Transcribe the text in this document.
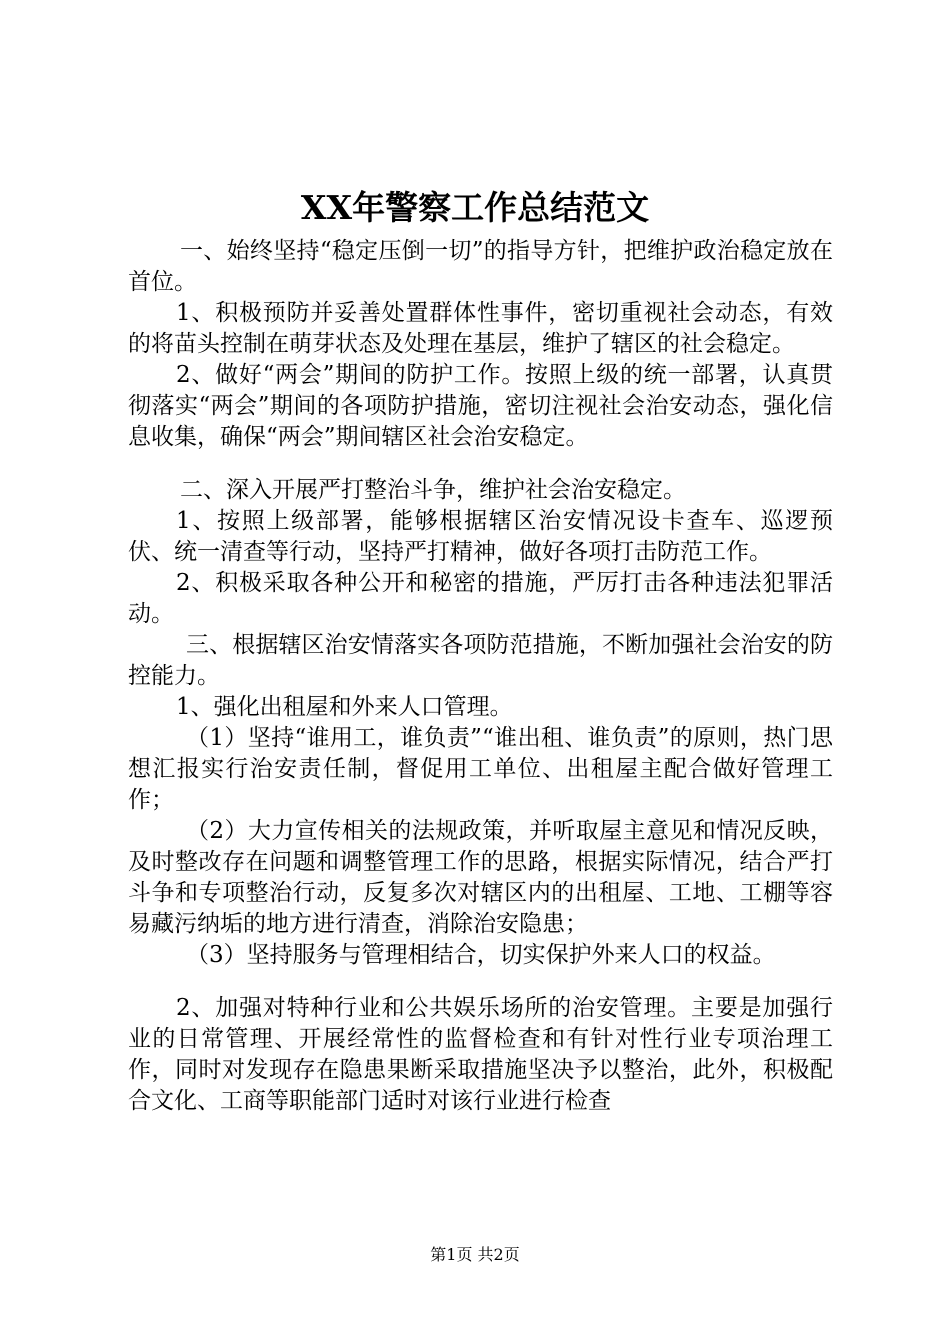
XX年警察工作总结范文

一、始终坚持“稳定压倒一切”的指导方针，把维护政治稳定放在首位。

1、积极预防并妥善处置群体性事件，密切重视社会动态，有效的将苗头控制在萌芽状态及处理在基层，维护了辖区的社会稳定。

2、做好“两会”期间的防护工作。按照上级的统一部署，认真贯彻落实“两会”期间的各项防护措施，密切注视社会治安动态，强化信息收集，确保“两会”期间辖区社会治安稳定。

二、深入开展严打整治斗争，维护社会治安稳定。

1、按照上级部署，能够根据辖区治安情况设卡查车、巡逻预伏、统一清查等行动，坚持严打精神，做好各项打击防范工作。

2、积极采取各种公开和秘密的措施，严厉打击各种违法犯罪活动。

三、根据辖区治安情落实各项防范措施，不断加强社会治安的防控能力。

1、强化出租屋和外来人口管理。

（1）坚持“谁用工，谁负责”“谁出租、谁负责”的原则，热门思想汇报实行治安责任制，督促用工单位、出租屋主配合做好管理工作；

（2）大力宣传相关的法规政策，并听取屋主意见和情况反映，及时整改存在问题和调整管理工作的思路，根据实际情况，结合严打斗争和专项整治行动，反复多次对辖区内的出租屋、工地、工棚等容易藏污纳垢的地方进行清查，消除治安隐患；

（3）坚持服务与管理相结合，切实保护外来人口的权益。

2、加强对特种行业和公共娱乐场所的治安管理。主要是加强行业的日常管理、开展经常性的监督检查和有针对性行业专项治理工作，同时对发现存在隐患果断采取措施坚决予以整治，此外，积极配合文化、工商等职能部门适时对该行业进行检查

第1页 共2页
